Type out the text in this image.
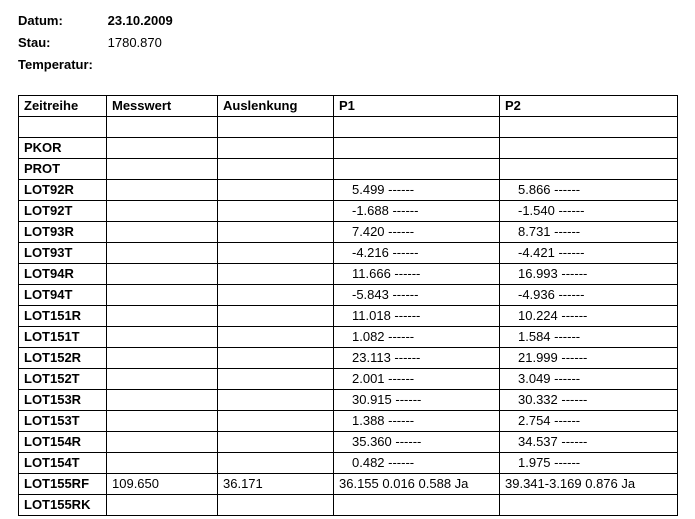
Datum:	23.10.2009
Stau:	1780.870
Temperatur:
Zeitreihe	Messwert	Auslenkung	P1	P2

PKOR				
PROT				
LOT92R			5.499 ------	5.866 ------
LOT92T			-1.688 ------	-1.540 ------
LOT93R			7.420 ------	8.731 ------
LOT93T			-4.216 ------	-4.421 ------
LOT94R			11.666 ------	16.993 ------
LOT94T			-5.843 ------	-4.936 ------
LOT151R			11.018 ------	10.224 ------
LOT151T			1.082 ------	1.584 ------
LOT152R			23.113 ------	21.999 ------
LOT152T			2.001 ------	3.049 ------
LOT153R			30.915 ------	30.332 ------
LOT153T			1.388 ------	2.754 ------
LOT154R			35.360 ------	34.537 ------
LOT154T			0.482 ------	1.975 ------
LOT155RF	109.650	36.171	36.155 0.016 0.588 Ja	39.341-3.169 0.876 Ja
LOT155RK				
